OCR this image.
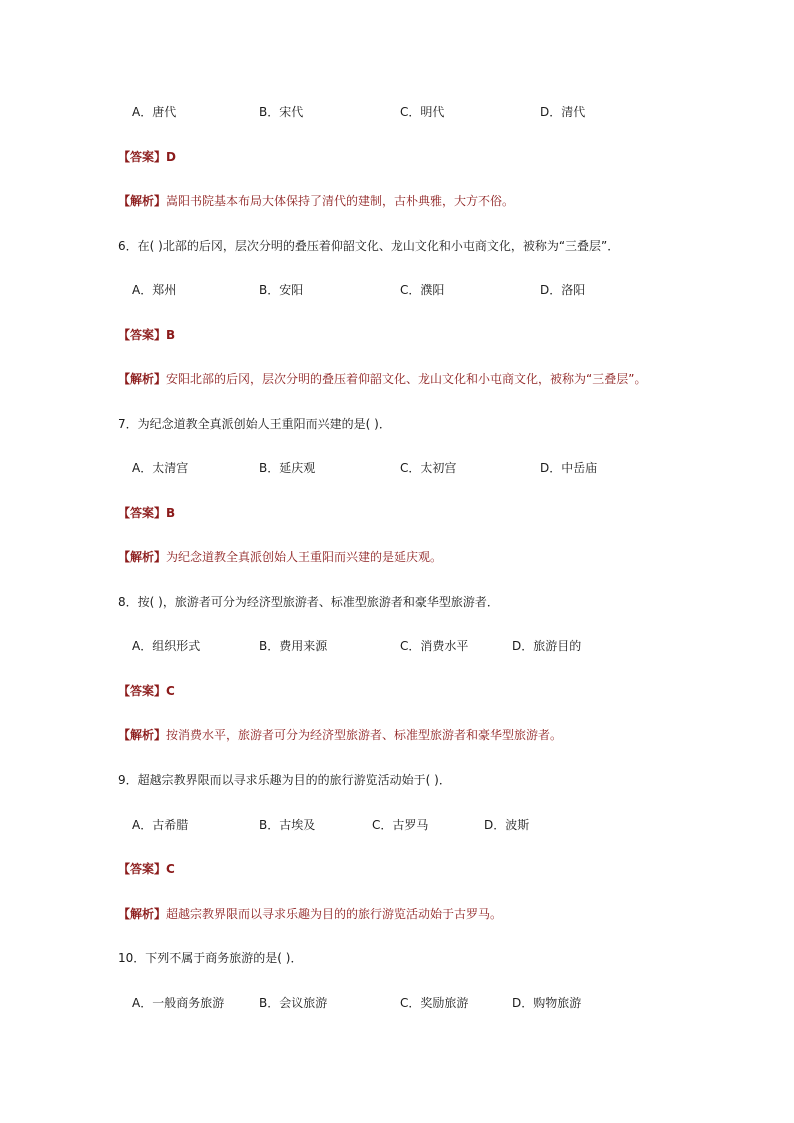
A．唐代	B．宋代	C．明代	D．清代
【答案】D
【解析】嵩阳书院基本布局大体保持了清代的建制，古朴典雅，大方不俗。
6．在( )北部的后冈，层次分明的叠压着仰韶文化、龙山文化和小屯商文化，被称为“三叠层”．
A．郑州	B．安阳	C．濮阳	D．洛阳
【答案】B
【解析】安阳北部的后冈，层次分明的叠压着仰韶文化、龙山文化和小屯商文化，被称为“三叠层”。
7．为纪念道教全真派创始人王重阳而兴建的是( )．
A．太清宫	B．延庆观	C．太初宫	D．中岳庙
【答案】B
【解析】为纪念道教全真派创始人王重阳而兴建的是延庆观。
8．按( )，旅游者可分为经济型旅游者、标准型旅游者和豪华型旅游者．
A．组织形式	B．费用来源	C．消费水平	D．旅游目的
【答案】C
【解析】按消费水平，旅游者可分为经济型旅游者、标准型旅游者和豪华型旅游者。
9．超越宗教界限而以寻求乐趣为目的的旅行游览活动始于( )．
A．古希腊	B．古埃及	C．古罗马	D．波斯
【答案】C
【解析】超越宗教界限而以寻求乐趣为目的的旅行游览活动始于古罗马。
10．下列不属于商务旅游的是( )．
A．一般商务旅游	B．会议旅游	C．奖励旅游	D．购物旅游
